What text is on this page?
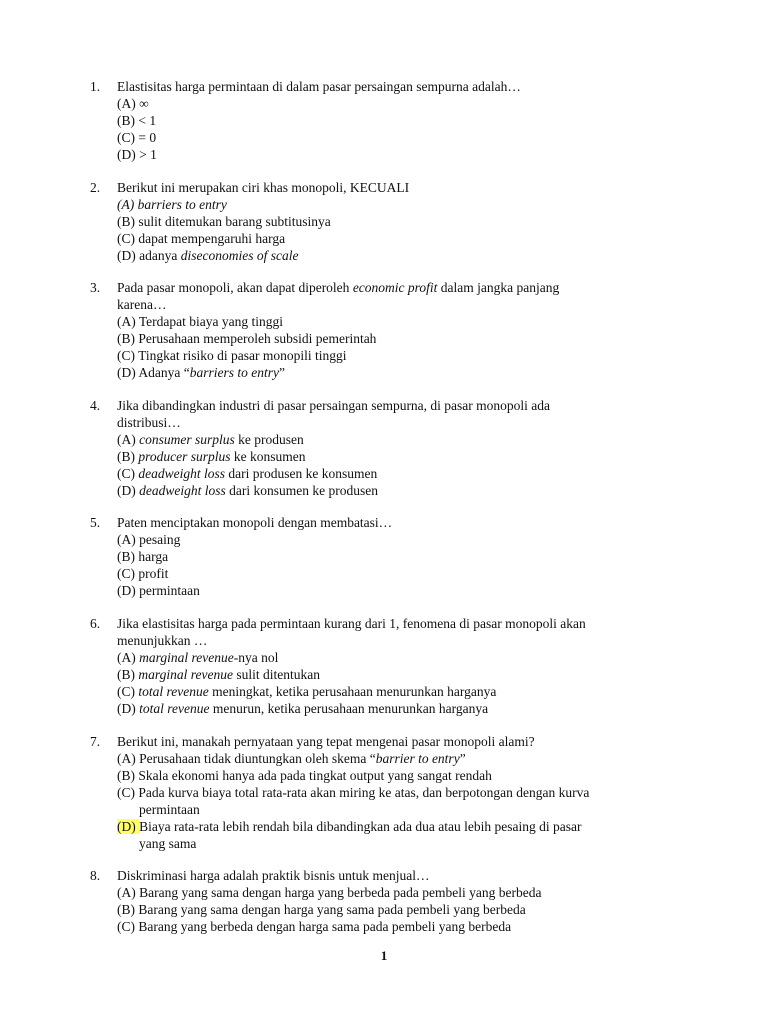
1. Elastisitas harga permintaan di dalam pasar persaingan sempurna adalah…
(A) ∞
(B) < 1
(C) = 0
(D) > 1
2. Berikut ini merupakan ciri khas monopoli, KECUALI
(A) barriers to entry
(B) sulit ditemukan barang subtitusinya
(C) dapat mempengaruhi harga
(D) adanya diseconomies of scale
3. Pada pasar monopoli, akan dapat diperoleh economic profit dalam jangka panjang
karena…
(A) Terdapat biaya yang tinggi
(B) Perusahaan memperoleh subsidi pemerintah
(C) Tingkat risiko di pasar monopili tinggi
(D) Adanya “barriers to entry”
4. Jika dibandingkan industri di pasar persaingan sempurna, di pasar monopoli ada
distribusi…
(A) consumer surplus ke produsen
(B) producer surplus ke konsumen
(C) deadweight loss dari produsen ke konsumen
(D) deadweight loss dari konsumen ke produsen
5. Paten menciptakan monopoli dengan membatasi…
(A) pesaing
(B) harga
(C) profit
(D) permintaan
6. Jika elastisitas harga pada permintaan kurang dari 1, fenomena di pasar monopoli akan
menunjukkan …
(A) marginal revenue-nya nol
(B) marginal revenue sulit ditentukan
(C) total revenue meningkat, ketika perusahaan menurunkan harganya
(D) total revenue menurun, ketika perusahaan menurunkan harganya
7. Berikut ini, manakah pernyataan yang tepat mengenai pasar monopoli alami?
(A) Perusahaan tidak diuntungkan oleh skema “barrier to entry”
(B) Skala ekonomi hanya ada pada tingkat output yang sangat rendah
(C) Pada kurva biaya total rata-rata akan miring ke atas, dan berpotongan dengan kurva
permintaan
(D) Biaya rata-rata lebih rendah bila dibandingkan ada dua atau lebih pesaing di pasar
yang sama
8. Diskriminasi harga adalah praktik bisnis untuk menjual…
(A) Barang yang sama dengan harga yang berbeda pada pembeli yang berbeda
(B) Barang yang sama dengan harga yang sama pada pembeli yang berbeda
(C) Barang yang berbeda dengan harga sama pada pembeli yang berbeda
1
